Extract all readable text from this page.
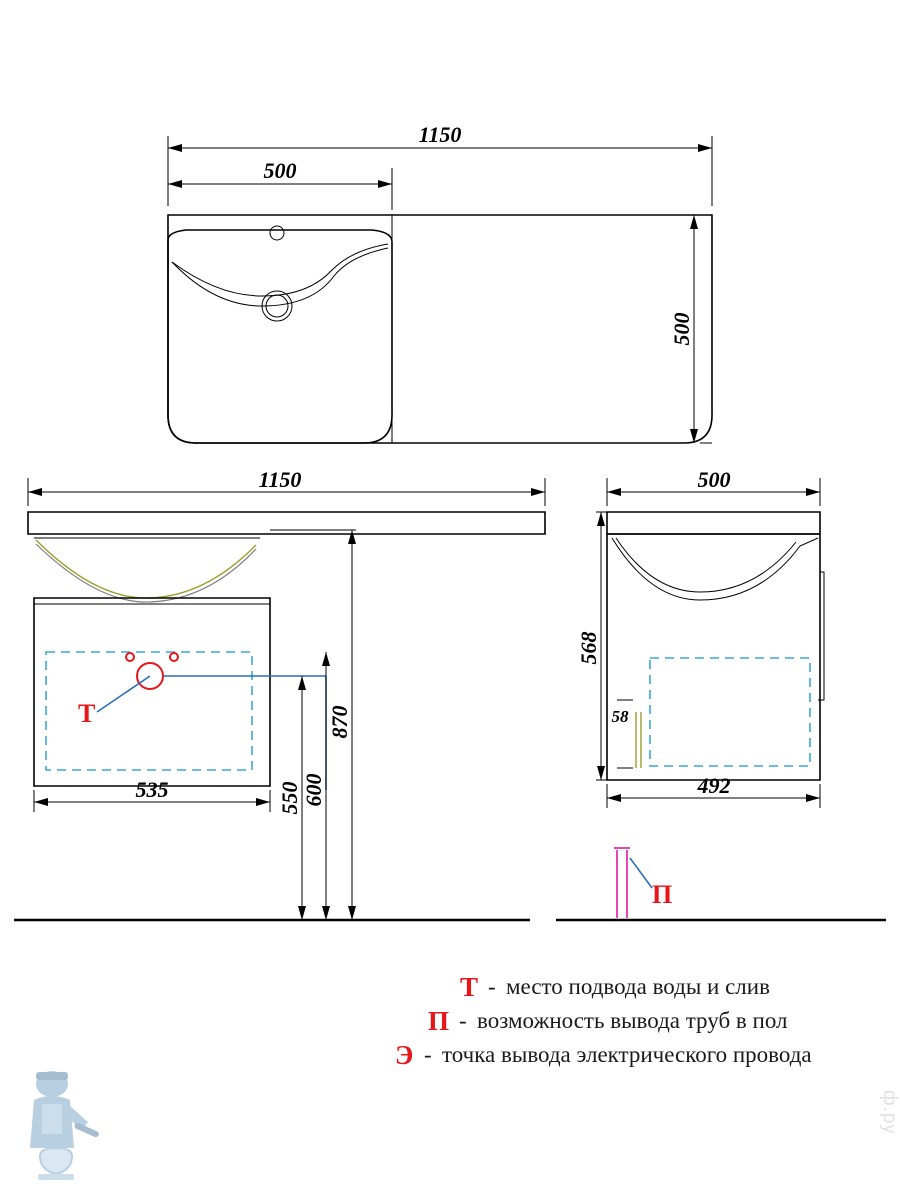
1150
500
500
Т
1150
535	550 600
870
500
568
58
492
П
Т - место подвода воды и слив
П - возможность вывода труб в пол
Э - точка вывода электрического провода
ф.ру
